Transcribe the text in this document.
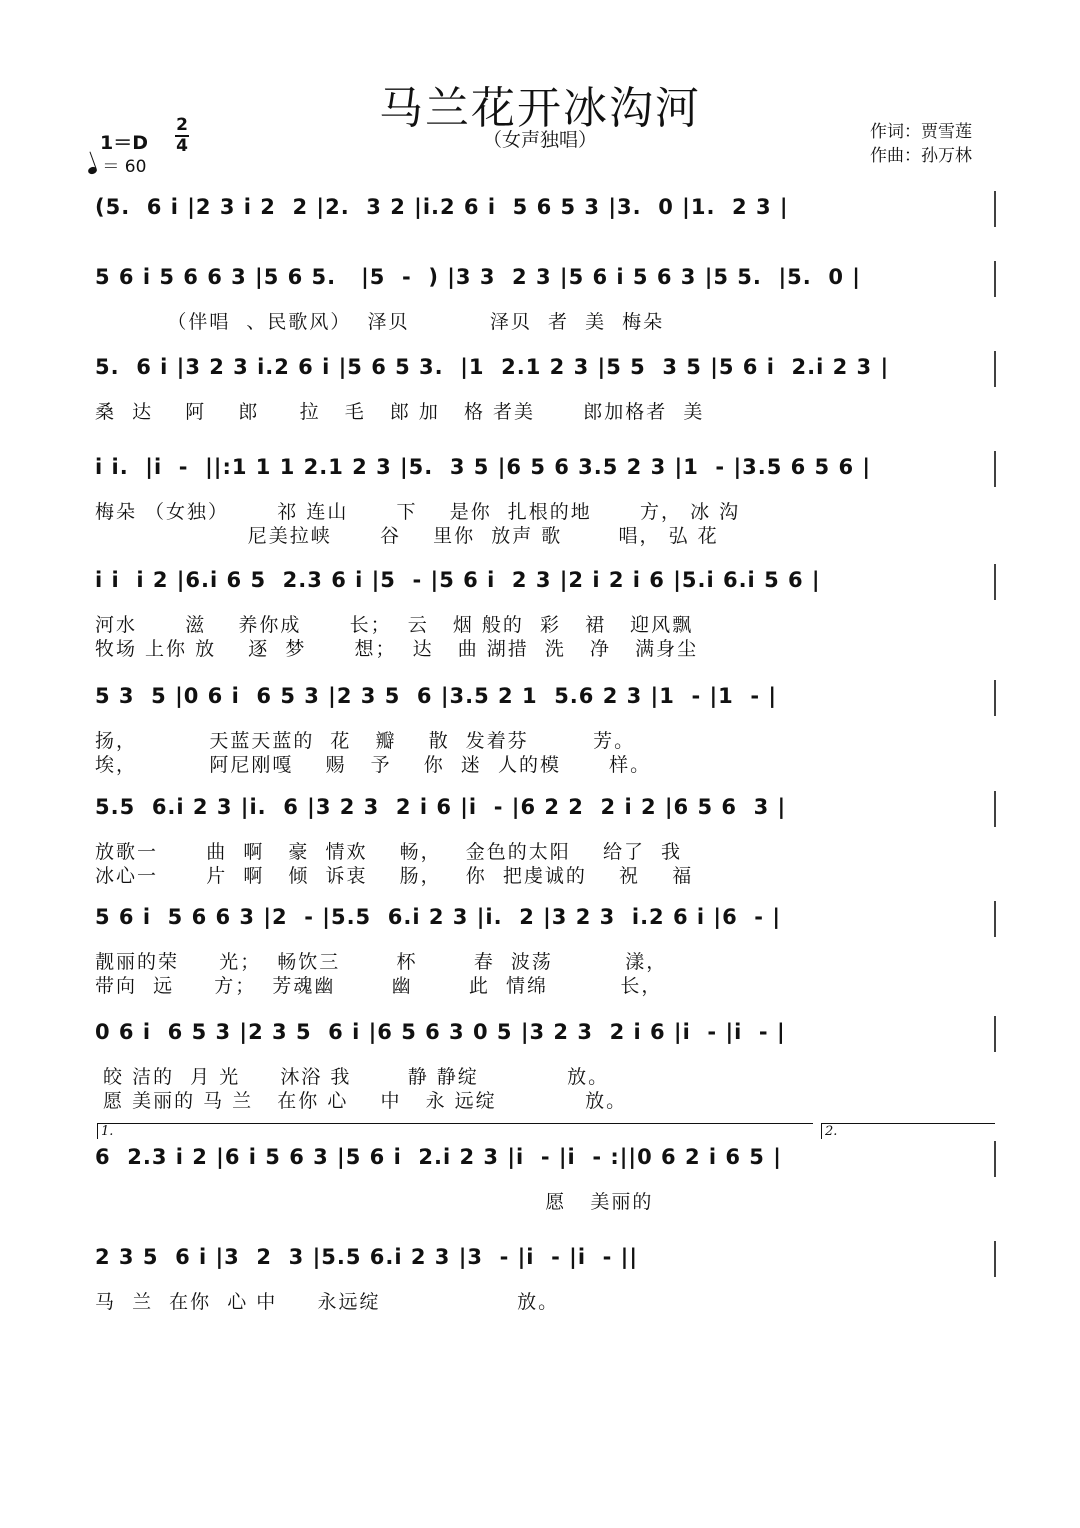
马兰花开冰沟河
（女声独唱）
1＝D
2
4
＝ 60
作词：贾雪莲
作曲：孙万林
(5.  6 i |2 3 i 2  2 |2.  3 2 |i.2 6 i  5 6 5 3 |3.  0 |1.  2 3 |
5 6 i 5 6 6 3 |5 6 5.   |5  -  ) |3 3  2 3 |5 6 i 5 6 3 |5 5.  |5.  0 |
（伴唱  、民歌风）  泽贝          泽贝  者  美  梅朵
5.  6 i |3 2 3 i.2 6 i |5 6 5 3.  |1  2.1 2 3 |5 5  3 5 |5 6 i  2.i 2 3 |
桑  达    阿    郎     拉   毛   郎 加   格 者美      郎加格者  美
i i.  |i  -  ||:1 1 1 2.1 2 3 |5.  3 5 |6 5 6 3.5 2 3 |1  - |3.5 6 5 6 |
梅朵 （女独）      祁 连山      下    是你  扎根的地      方， 冰 沟
尼美拉峡      谷    里你  放声 歌       唱， 弘 花
i i  i 2 |6.i 6 5  2.3 6 i |5  - |5 6 i  2 3 |2 i 2 i 6 |5.i 6.i 5 6 |
河水      滋    养你成      长；  云   烟 般的  彩   裙   迎风飘
牧场 上你 放    逐  梦      想；  达   曲 湖措  洗   净   满身尘
5 3  5 |0 6 i  6 5 3 |2 3 5  6 |3.5 2 1  5.6 2 3 |1  - |1  - |
扬，         天蓝天蓝的  花   瓣    散  发着芬        芳。
埃，         阿尼刚嘎    赐   予    你  迷  人的模      样。
5.5  6.i 2 3 |i.  6 |3 2 3  2 i 6 |i  - |6 2 2  2 i 2 |6 5 6  3 |
放歌一      曲  啊   豪  情欢    畅，   金色的太阳    给了  我
冰心一      片  啊   倾  诉衷    肠，   你  把虔诚的    祝    福
5 6 i  5 6 6 3 |2  - |5.5  6.i 2 3 |i.  2 |3 2 3  i.2 6 i |6  - |
靓丽的荣     光；  畅饮三       杯       春  波荡         漾，
带向  远     方；  芳魂幽       幽       此  情绵         长，
0 6 i  6 5 3 |2 3 5  6 i |6 5 6 3 0 5 |3 2 3  2 i 6 |i  - |i  - |
皎 洁的  月 光     沐浴 我       静 静绽           放。
愿 美丽的 马 兰   在你 心    中   永 远绽           放。
6  2.3 i 2 |6 i 5 6 3 |5 6 i  2.i 2 3 |i  - |i  - :||0 6 2 i 6 5 |
1.	2.
愿   美丽的
2 3 5  6 i |3  2  3 |5.5 6.i 2 3 |3  - |i  - |i  - ||
马  兰  在你  心 中     永远绽                 放。
